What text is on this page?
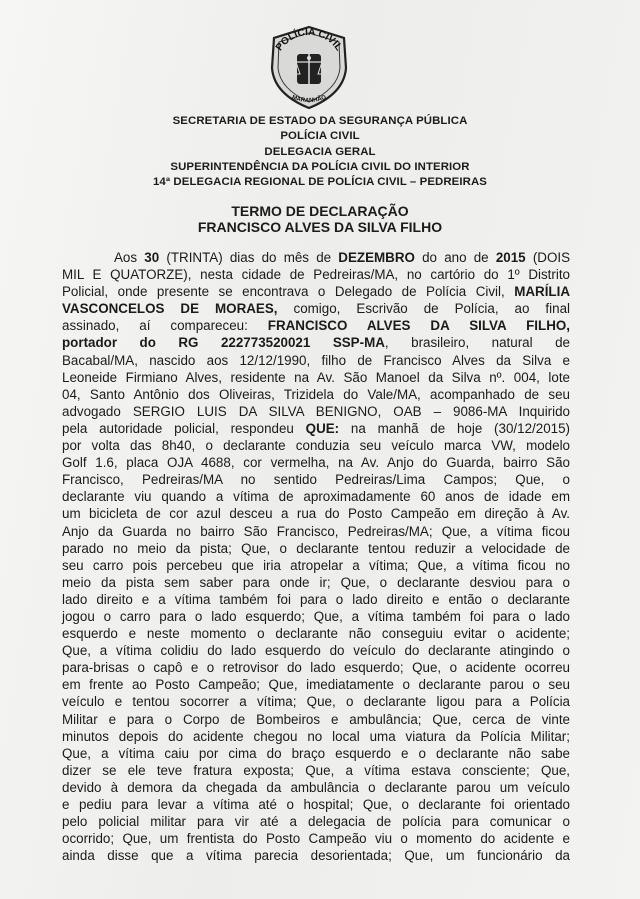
POLÍCIA CIVIL
MARANHÃO
SECRETARIA DE ESTADO DA SEGURANÇA PÚBLICA
POLÍCIA CIVIL
DELEGACIA GERAL
SUPERINTENDÊNCIA DA POLÍCIA CIVIL DO INTERIOR
14ª DELEGACIA REGIONAL DE POLÍCIA CIVIL – PEDREIRAS
TERMO DE DECLARAÇÃO
FRANCISCO ALVES DA SILVA FILHO
Aos 30 (TRINTA) dias do mês de DEZEMBRO do ano de 2015 (DOIS
MIL E QUATORZE), nesta cidade de Pedreiras/MA, no cartório do 1º Distrito
Policial, onde presente se encontrava o Delegado de Polícia Civil, MARÍLIA
VASCONCELOS DE MORAES, comigo, Escrivão de Polícia, ao final
assinado, aí compareceu: FRANCISCO ALVES DA SILVA FILHO,
portador do RG 222773520021 SSP-MA, brasileiro, natural de
Bacabal/MA, nascido aos 12/12/1990, filho de Francisco Alves da Silva e
Leoneide Firmiano Alves, residente na Av. São Manoel da Silva nº. 004, lote
04, Santo Antônio dos Oliveiras, Trizidela do Vale/MA, acompanhado de seu
advogado SERGIO LUIS DA SILVA BENIGNO, OAB – 9086-MA Inquirido
pela autoridade policial, respondeu QUE: na manhã de hoje (30/12/2015)
por volta das 8h40, o declarante conduzia seu veículo marca VW, modelo
Golf 1.6, placa OJA 4688, cor vermelha, na Av. Anjo do Guarda, bairro São
Francisco, Pedreiras/MA no sentido Pedreiras/Lima Campos; Que, o
declarante viu quando a vítima de aproximadamente 60 anos de idade em
um bicicleta de cor azul desceu a rua do Posto Campeão em direção à Av.
Anjo da Guarda no bairro São Francisco, Pedreiras/MA; Que, a vítima ficou
parado no meio da pista; Que, o declarante tentou reduzir a velocidade de
seu carro pois percebeu que iria atropelar a vítima; Que, a vítima ficou no
meio da pista sem saber para onde ir; Que, o declarante desviou para o
lado direito e a vítima também foi para o lado direito e então o declarante
jogou o carro para o lado esquerdo; Que, a vítima também foi para o lado
esquerdo e neste momento o declarante não conseguiu evitar o acidente;
Que, a vítima colidiu do lado esquerdo do veículo do declarante atingindo o
para-brisas o capô e o retrovisor do lado esquerdo; Que, o acidente ocorreu
em frente ao Posto Campeão; Que, imediatamente o declarante parou o seu
veículo e tentou socorrer a vítima; Que, o declarante ligou para a Polícia
Militar e para o Corpo de Bombeiros e ambulância; Que, cerca de vinte
minutos depois do acidente chegou no local uma viatura da Polícia Militar;
Que, a vítima caiu por cima do braço esquerdo e o declarante não sabe
dizer se ele teve fratura exposta; Que, a vítima estava consciente; Que,
devido à demora da chegada da ambulância o declarante parou um veículo
e pediu para levar a vítima até o hospital; Que, o declarante foi orientado
pelo policial militar para vir até a delegacia de polícia para comunicar o
ocorrido; Que, um frentista do Posto Campeão viu o momento do acidente e
ainda disse que a vítima parecia desorientada; Que, um funcionário da
